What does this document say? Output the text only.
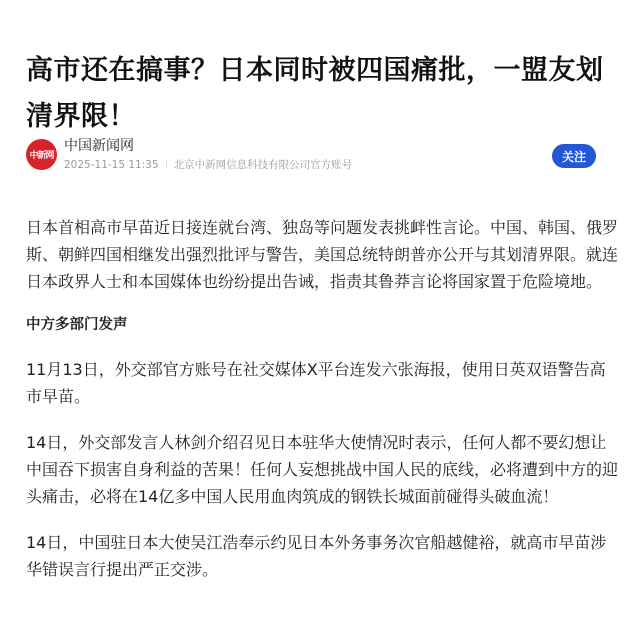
高市还在搞事？日本同时被四国痛批，一盟友划清界限！
中新网
中国新闻网
2025-11-15 11:35 北京中新网信息科技有限公司官方账号
关注

日本首相高市早苗近日接连就台湾、独岛等问题发表挑衅性言论。中国、韩国、俄罗斯、朝鲜四国相继发出强烈批评与警告，美国总统特朗普亦公开与其划清界限。就连日本政界人士和本国媒体也纷纷提出告诫，指责其鲁莽言论将国家置于危险境地。

中方多部门发声

11月13日，外交部官方账号在社交媒体X平台连发六张海报，使用日英双语警告高市早苗。

14日，外交部发言人林剑介绍召见日本驻华大使情况时表示，任何人都不要幻想让中国吞下损害自身利益的苦果！任何人妄想挑战中国人民的底线，必将遭到中方的迎头痛击，必将在14亿多中国人民用血肉筑成的钢铁长城面前碰得头破血流！

14日，中国驻日本大使吴江浩奉示约见日本外务事务次官船越健裕，就高市早苗涉华错误言行提出严正交涉。
